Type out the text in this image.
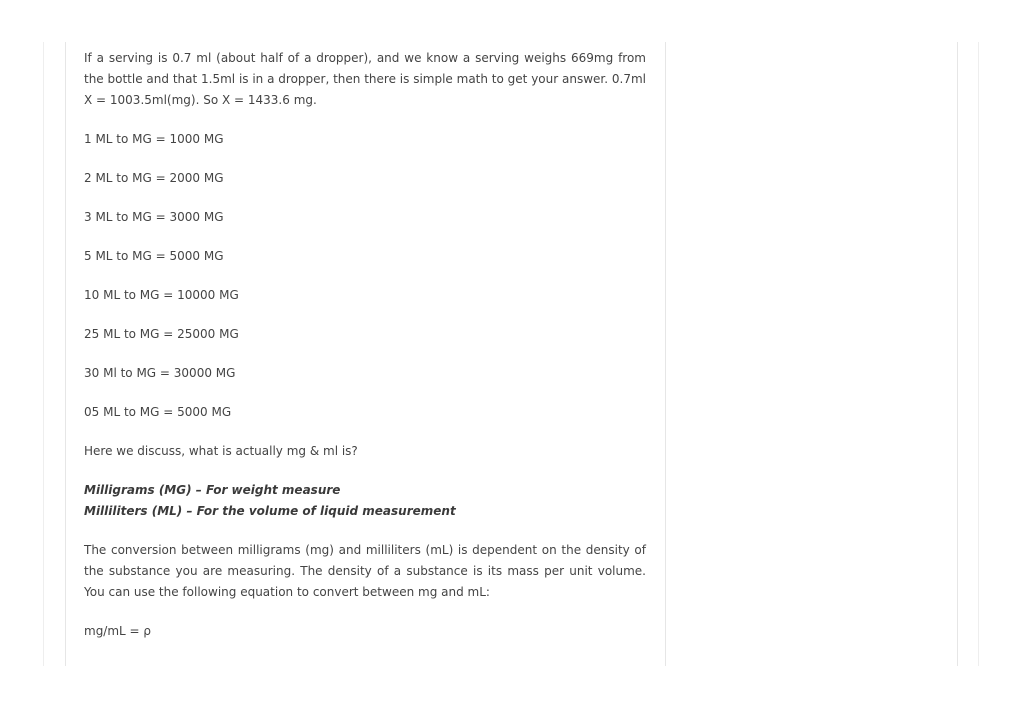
If a serving is 0.7 ml (about half of a dropper), and we know a serving weighs 669mg from the bottle and that 1.5ml is in a dropper, then there is simple math to get your answer. 0.7ml X = 1003.5ml(mg). So X = 1433.6 mg.

1 ML to MG = 1000 MG

2 ML to MG = 2000 MG

3 ML to MG = 3000 MG

5 ML to MG = 5000 MG

10 ML to MG = 10000 MG

25 ML to MG = 25000 MG

30 Ml to MG = 30000 MG

05 ML to MG = 5000 MG

Here we discuss, what is actually mg & ml is?

Milligrams (MG) – For weight measure
Milliliters (ML) – For the volume of liquid measurement

The conversion between milligrams (mg) and milliliters (mL) is dependent on the density of the substance you are measuring. The density of a substance is its mass per unit volume. You can use the following equation to convert between mg and mL:

mg/mL = ρ
